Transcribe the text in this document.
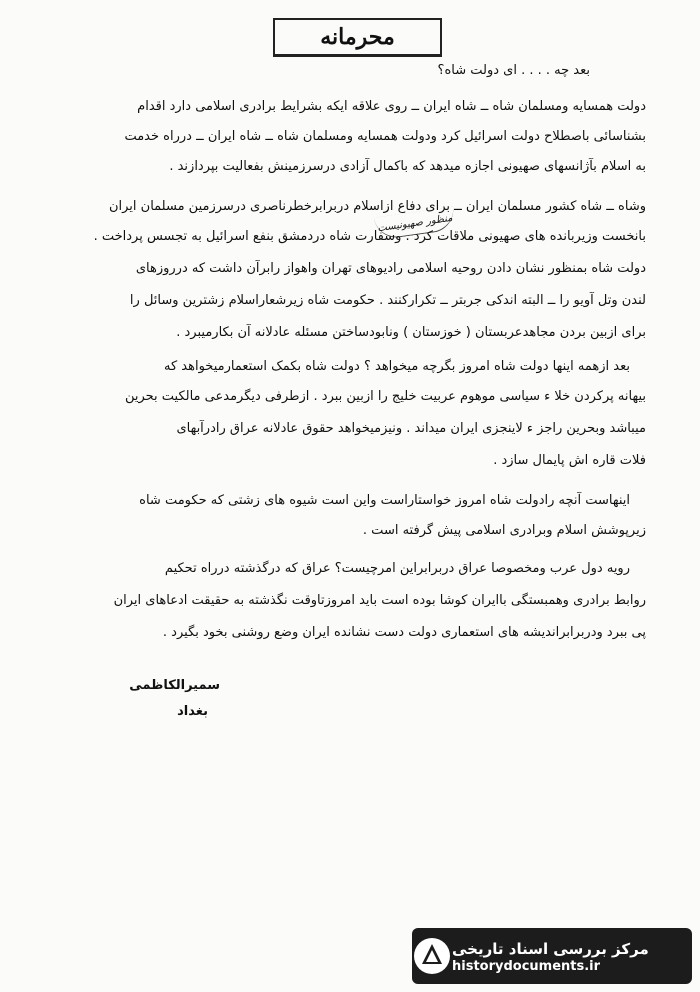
محرمانه
بعد چه . . . . ای دولت شاه؟
دولت همسایه ومسلمان شاه ــ شاه ایران ــ روی علاقه ایکه بشرایط برادری اسلامی دارد اقدام
بشناسائی باصطلاح دولت اسرائیل کرد ودولت همسایه ومسلمان شاه ــ شاه ایران ــ درراه خدمت
به اسلام بآژانسهای صهیونی اجازه میدهد که باکمال آزادی درسرزمینش بفعالیت بپردازند .
وشاه ــ شاه کشور مسلمان ایران ــ برای دفاع ازاسلام دربرابرخطرناصری درسرزمین مسلمان ایران
منظور صهیونیست
بانخست وزیربانده های صهیونی ملاقات کرد . وسفارت شاه دردمشق بنفع اسرائیل به تجسس پرداخت .
دولت شاه بمنظور نشان دادن روحیه اسلامی رادیوهای تهران واهواز رابرآن داشت که درروزهای
لندن وتل آویو را ــ البته اندکی جربتر ــ تکرارکنند . حکومت شاه زیرشعاراسلام زشترین وسائل را
برای ازبین بردن مجاهدعربستان ( خوزستان ) ونابودساختن مسئله عادلانه آن بکارمیبرد .
بعد ازهمه اینها دولت شاه امروز بگرچه میخواهد ؟ دولت شاه بکمک استعمارمیخواهد که
بیهانه پرکردن خلا ء سیاسی موهوم عربیت خلیج را ازبین ببرد . ازطرفی دیگرمدعی مالکیت بحرین
میباشد وبحرین راجز ء لاینجزی ایران میداند . ونیزمیخواهد حقوق عادلانه عراق رادرآبهای
فلات قاره اش پایمال سازد .
اینهاست آنچه رادولت شاه امروز خواستاراست واین است شیوه های زشتی که حکومت شاه
زیرپوشش اسلام وبرادری اسلامی پیش گرفته است .
رویه دول عرب ومخصوصا عراق دربرابراین امرچیست؟ عراق که درگذشته درراه تحکیم
روابط برادری وهمبستگی باایران کوشا بوده است باید امروزتاوقت نگذشته به حقیقت ادعاهای ایران
پی ببرد ودربرابراندیشه های استعماری دولت دست نشانده ایران وضع روشنی بخود بگیرد .
سمیرالکاظمی
بغداد
مرکز بررسی اسناد تاریخی
historydocuments.ir
